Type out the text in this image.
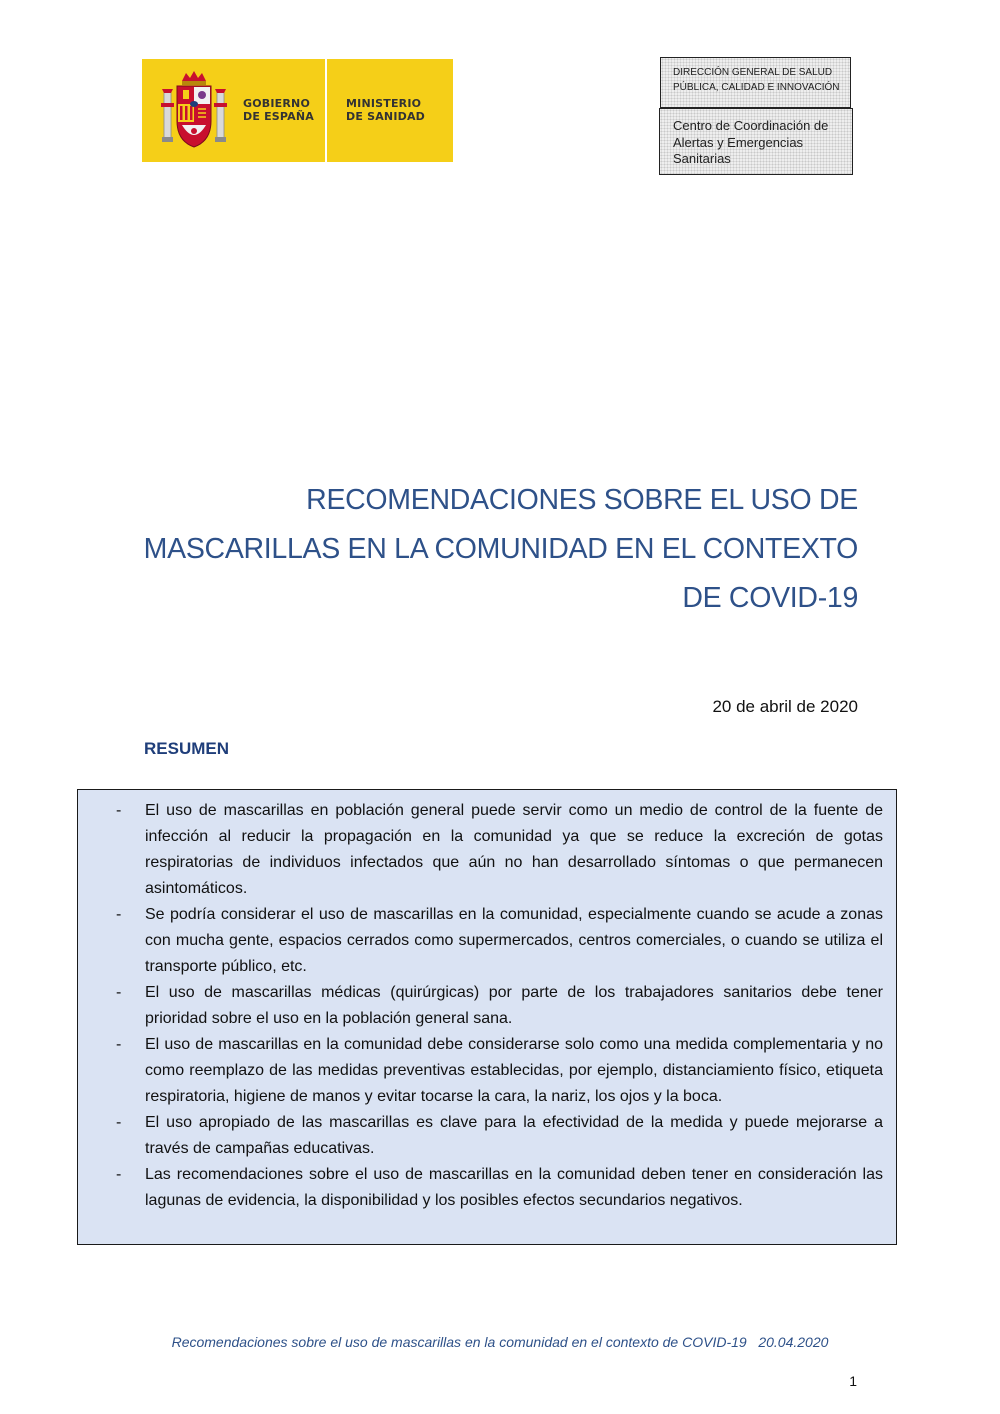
GOBIERNO
DE ESPAÑA
MINISTERIO
DE SANIDAD
DIRECCIÓN GENERAL DE SALUD PÚBLICA, CALIDAD E INNOVACIÓN
Centro de Coordinación de Alertas y Emergencias Sanitarias
RECOMENDACIONES SOBRE EL USO DE
MASCARILLAS EN LA COMUNIDAD EN EL CONTEXTO
DE COVID-19
20 de abril de 2020
RESUMEN
- El uso de mascarillas en población general puede servir como un medio de control de la fuente de infección al reducir la propagación en la comunidad ya que se reduce la excreción de gotas respiratorias de individuos infectados que aún no han desarrollado síntomas o que permanecen asintomáticos.
- Se podría considerar el uso de mascarillas en la comunidad, especialmente cuando se acude a zonas con mucha gente, espacios cerrados como supermercados, centros comerciales, o cuando se utiliza el transporte público, etc.
- El uso de mascarillas médicas (quirúrgicas) por parte de los trabajadores sanitarios debe tener prioridad sobre el uso en la población general sana.
- El uso de mascarillas en la comunidad debe considerarse solo como una medida complementaria y no como reemplazo de las medidas preventivas establecidas, por ejemplo, distanciamiento físico, etiqueta respiratoria, higiene de manos y evitar tocarse la cara, la nariz, los ojos y la boca.
- El uso apropiado de las mascarillas es clave para la efectividad de la medida y puede mejorarse a través de campañas educativas.
- Las recomendaciones sobre el uso de mascarillas en la comunidad deben tener en consideración las lagunas de evidencia, la disponibilidad y los posibles efectos secundarios negativos.
Recomendaciones sobre el uso de mascarillas en la comunidad en el contexto de COVID-19   20.04.2020
1
